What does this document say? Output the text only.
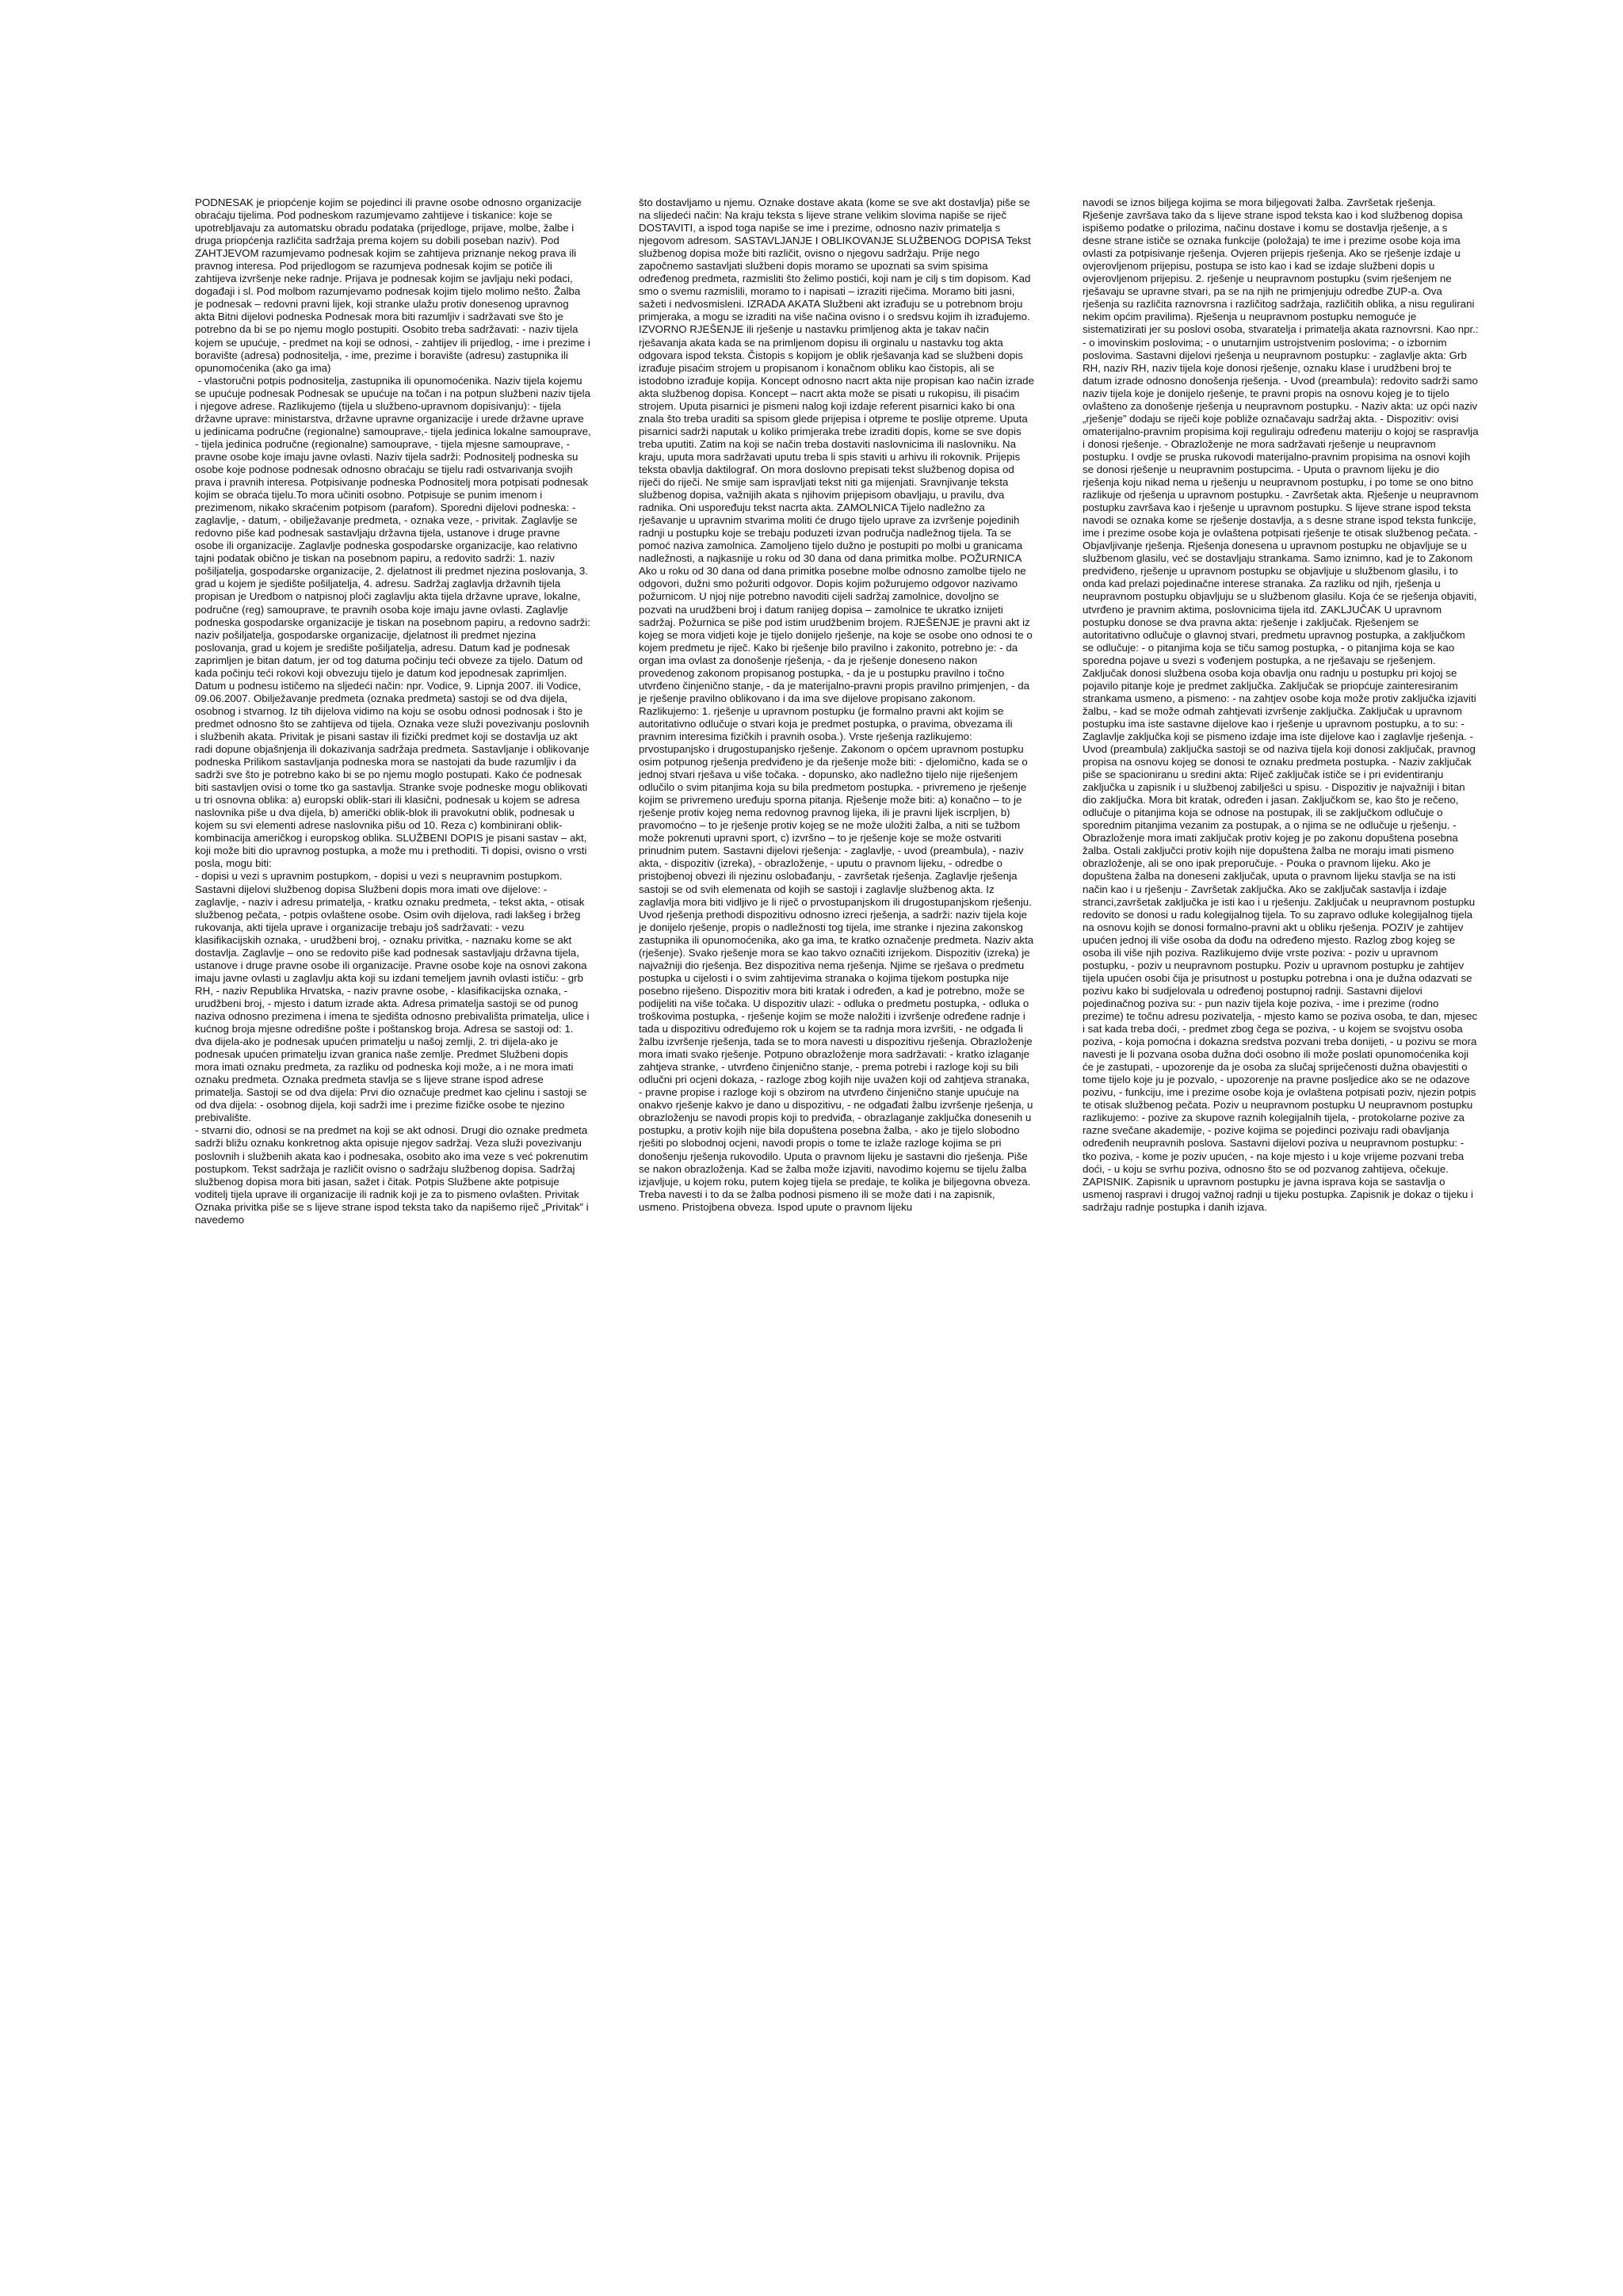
PODNESAK je priopćenje kojim se pojedinci ili pravne osobe odnosno organizacije obraćaju tijelima. Pod podneskom razumjevamo zahtijeve i tiskanice: koje se upotrebljavaju za automatsku obradu podataka (prijedloge, prijave, molbe, žalbe i druga priopćenja različita sadržaja prema kojem su dobili poseban naziv). Pod ZAHTJEVOM razumjevamo podnesak kojim se zahtijeva priznanje nekog prava ili pravnog interesa. Pod prijedlogom se razumjeva podnesak kojim se potiče ili zahtijeva izvršenje neke radnje. Prijava je podnesak kojim se javljaju neki podaci, događaji i sl. Pod molbom razumjevamo podnesak kojim tijelo molimo nešto. Žalba je podnesak – redovni pravni lijek, koji stranke ulažu protiv donesenog upravnog akta Bitni dijelovi podneska Podnesak mora biti razumljiv i sadržavati sve što je potrebno da bi se po njemu moglo postupiti. Osobito treba sadržavati: - naziv tijela kojem se upućuje, - predmet na koji se odnosi, - zahtijev ili prijedlog, - ime i prezime i boravište (adresa) podnositelja, - ime, prezime i boravište (adresu) zastupnika ili opunomoćenika (ako ga ima)
- vlastoručni potpis podnositelja, zastupnika ili opunomoćenika. Naziv tijela kojemu se upućuje podnesak Podnesak se upućuje na točan i na potpun službeni naziv tijela i njegove adrese. Razlikujemo (tijela u službeno-upravnom dopisivanju): - tijela državne uprave: ministarstva, državne upravne organizacije i urede državne uprave u jedinicama područne (regionalne) samouprave,- tijela jedinica lokalne samouprave, - tijela jedinica područne (regionalne) samouprave, - tijela mjesne samouprave, - pravne osobe koje imaju javne ovlasti. Naziv tijela sadrži: Podnositelj podneska su osobe koje podnose podnesak odnosno obraćaju se tijelu radi ostvarivanja svojih prava i pravnih interesa. Potpisivanje podneska Podnositelj mora potpisati podnesak kojim se obraća tijelu.To mora učiniti osobno. Potpisuje se punim imenom i prezimenom, nikako skraćenim potpisom (parafom). Sporedni dijelovi podneska: - zaglavlje, - datum, - obilježavanje predmeta, - oznaka veze, - privitak. Zaglavlje se redovno piše kad podnesak sastavljaju državna tijela, ustanove i druge pravne osobe ili organizacije. Zaglavlje podneska gospodarske organizacije, kao relativno tajni podatak obično je tiskan na posebnom papiru, a redovito sadrži: 1. naziv pošiljatelja, gospodarske organizacije, 2. djelatnost ili predmet njezina poslovanja, 3. grad u kojem je sjedište pošiljatelja, 4. adresu. Sadržaj zaglavlja državnih tijela propisan je Uredbom o natpisnoj ploči zaglavlju akta tijela državne uprave, lokalne, područne (reg) samouprave, te pravnih osoba koje imaju javne ovlasti. Zaglavlje podneska gospodarske organizacije je tiskan na posebnom papiru, a redovno sadrži: naziv pošiljatelja, gospodarske organizacije, djelatnost ili predmet njezina poslovanja, grad u kojem je središte pošiljatelja, adresu. Datum kad je podnesak zaprimljen je bitan datum, jer od tog datuma počinju teći obveze za tijelo. Datum od kada počinju teći rokovi koji obvezuju tijelo je datum kod jepodnesak zaprimljen. Datum u podnesu ističemo na sljedeći način: npr. Vodice, 9. Lipnja 2007. ili Vodice, 09.06.2007. Obilježavanje predmeta (oznaka predmeta) sastoji se od dva dijela, osobnog i stvarnog. Iz tih dijelova vidimo na koju se osobu odnosi podnosak i što je predmet odnosno što se zahtijeva od tijela. Oznaka veze služi povezivanju poslovnih i službenih akata. Privitak je pisani sastav ili fizički predmet koji se dostavlja uz akt radi dopune objašnjenja ili dokazivanja sadržaja predmeta. Sastavljanje i oblikovanje podneska Prilikom sastavljanja podneska mora se nastojati da bude razumljiv i da sadrži sve što je potrebno kako bi se po njemu moglo postupati. Kako će podnesak biti sastavljen ovisi o tome tko ga sastavlja. Stranke svoje podneske mogu oblikovati u tri osnovna oblika: a) europski oblik-stari ili klasični, podnesak u kojem se adresa naslovnika piše u dva dijela, b) američki oblik-blok ili pravokutni oblik, podnesak u kojem su svi elementi adrese naslovnika pišu od 10. Reza c) kombinirani oblik-kombinacija američkog i europskog oblika. SLUŽBENI DOPIS je pisani sastav – akt, koji može biti dio upravnog postupka, a može mu i prethoditi. Ti dopisi, ovisno o vrsti posla, mogu biti:
- dopisi u vezi s upravnim postupkom, - dopisi u vezi s neupravnim postupkom. Sastavni dijelovi službenog dopisa Službeni dopis mora imati ove dijelove: - zaglavlje, - naziv i adresu primatelja, - kratku oznaku predmeta, - tekst akta, - otisak službenog pečata, - potpis ovlaštene osobe. Osim ovih dijelova, radi lakšeg i bržeg rukovanja, akti tijela uprave i organizacije trebaju još sadržavati: - vezu klasifikacijskih oznaka, - urudžbeni broj, - oznaku privitka, - naznaku kome se akt dostavlja. Zaglavlje – ono se redovito piše kad podnesak sastavljaju državna tijela, ustanove i druge pravne osobe ili organizacije. Pravne osobe koje na osnovi zakona imaju javne ovlasti u zaglavlju akta koji su izdani temeljem javnih ovlasti ističu: - grb RH, - naziv Republika Hrvatska, - naziv pravne osobe, - klasifikacijska oznaka, - urudžbeni broj, - mjesto i datum izrade akta. Adresa primatelja sastoji se od punog naziva odnosno prezimena i imena te sjedišta odnosno prebivališta primatelja, ulice i kućnog broja mjesne odredišne pošte i poštanskog broja. Adresa se sastoji od: 1. dva dijela-ako je podnesak upućen primatelju u našoj zemlji, 2. tri dijela-ako je podnesak upućen primatelju izvan granica naše zemlje. Predmet Službeni dopis mora imati oznaku predmeta, za razliku od podneska koji može, a i ne mora imati oznaku predmeta. Oznaka predmeta stavlja se s lijeve strane ispod adrese primatelja. Sastoji se od dva dijela: Prvi dio označuje predmet kao cjelinu i sastoji se od dva dijela: - osobnog dijela, koji sadrži ime i prezime fizičke osobe te njezino prebivalište.
- stvarni dio, odnosi se na predmet na koji se akt odnosi. Drugi dio oznake predmeta sadrži bližu oznaku konkretnog akta opisuje njegov sadržaj. Veza služi povezivanju poslovnih i službenih akata kao i podnesaka, osobito ako ima veze s već pokrenutim postupkom. Tekst sadržaja je različit ovisno o sadržaju službenog dopisa. Sadržaj službenog dopisa mora biti jasan, sažet i čitak. Potpis Službene akte potpisuje voditelj tijela uprave ili organizacije ili radnik koji je za to pismeno ovlašten. Privitak Oznaka privitka piše se s lijeve strane ispod teksta tako da napišemo riječ „Privitak” i navedemo

što dostavljamo u njemu. Oznake dostave akata (kome se sve akt dostavlja) piše se na slijedeći način: Na kraju teksta s lijeve strane velikim slovima napiše se riječ DOSTAVITI, a ispod toga napiše se ime i prezime, odnosno naziv primatelja s njegovom adresom. SASTAVLJANJE I OBLIKOVANJE SLUŽBENOG DOPISA Tekst službenog dopisa može biti različit, ovisno o njegovu sadržaju. Prije nego započnemo sastavljati službeni dopis moramo se upoznati sa svim spisima određenog predmeta, razmisliti što želimo postići, koji nam je cilj s tim dopisom. Kad smo o svemu razmislili, moramo to i napisati – izraziti riječima. Moramo biti jasni, sažeti i nedvosmisleni. IZRADA AKATA Službeni akt izrađuju se u potrebnom broju primjeraka, a mogu se izraditi na više načina ovisno i o sredsvu kojim ih izrađujemo. IZVORNO RJEŠENJE ili rješenje u nastavku primljenog akta je takav način rješavanja akata kada se na primljenom dopisu ili orginalu u nastavku tog akta odgovara ispod teksta. Čistopis s kopijom je oblik rješavanja kad se službeni dopis izrađuje pisaćim strojem u propisanom i konačnom obliku kao čistopis, ali se istodobno izrađuje kopija. Koncept odnosno nacrt akta nije propisan kao način izrade akta službenog dopisa. Koncept – nacrt akta može se pisati u rukopisu, ili pisaćim strojem. Uputa pisarnici je pismeni nalog koji izdaje referent pisarnici kako bi ona znala što treba uraditi sa spisom glede prijepisa i otpreme te poslije otpreme. Uputa pisarnici sadrži naputak u koliko primjeraka trebe izraditi dopis, kome se sve dopis treba uputiti. Zatim na koji se način treba dostaviti naslovnicima ili naslovniku. Na kraju, uputa mora sadržavati uputu treba li spis staviti u arhivu ili rokovnik. Prijepis teksta obavlja daktilograf. On mora doslovno prepisati tekst službenog dopisa od riječi do riječi. Ne smije sam ispravljati tekst niti ga mijenjati. Sravnjivanje teksta službenog dopisa, važnijih akata s njihovim prijepisom obavljaju, u pravilu, dva radnika. Oni uspoređuju tekst nacrta akta. ZAMOLNICA Tijelo nadležno za rješavanje u upravnim stvarima moliti će drugo tijelo uprave za izvršenje pojedinih radnji u postupku koje se trebaju poduzeti izvan područja nadležnog tijela. Ta se pomoć naziva zamolnica. Zamoljeno tijelo dužno je postupiti po molbi u granicama nadležnosti, a najkasnije u roku od 30 dana od dana primitka molbe. POŽURNICA Ako u roku od 30 dana od dana primitka posebne molbe odnosno zamolbe tijelo ne odgovori, dužni smo požuriti odgovor. Dopis kojim požurujemo odgovor nazivamo požurnicom. U njoj nije potrebno navoditi cijeli sadržaj zamolnice, dovoljno se pozvati na urudžbeni broj i datum ranijeg dopisa – zamolnice te ukratko iznijeti sadržaj. Požurnica se piše pod istim urudžbenim brojem. RJEŠENJE je pravni akt iz kojeg se mora vidjeti koje je tijelo donijelo rješenje, na koje se osobe ono odnosi te o kojem predmetu je riječ. Kako bi rješenje bilo pravilno i zakonito, potrebno je: - da organ ima ovlast za donošenje rješenja, - da je rješenje doneseno nakon provedenog zakonom propisanog postupka, - da je u postupku pravilno i točno utvrđeno činjenično stanje, - da je materijalno-pravni propis pravilno primjenjen, - da je rješenje pravilno oblikovano i da ima sve dijelove propisano zakonom. Razlikujemo: 1. rješenje u upravnom postupku (je formalno pravni akt kojim se autoritativno odlučuje o stvari koja je predmet postupka, o pravima, obvezama ili pravnim interesima fizičkih i pravnih osoba.). Vrste rješenja razlikujemo: prvostupanjsko i drugostupanjsko rješenje. Zakonom o općem upravnom postupku osim potpunog rješenja predviđeno je da rješenje može biti: - djelomično, kada se o jednoj stvari rješava u više točaka. - dopunsko, ako nadležno tijelo nije riješenjem odlučilo o svim pitanjima koja su bila predmetom postupka. - privremeno je rješenje kojim se privremeno uređuju sporna pitanja. Rješenje može biti: a) konačno – to je rješenje protiv kojeg nema redovnog pravnog lijeka, ili je pravni lijek iscrpljen, b) pravomoćno – to je rješenje protiv kojeg se ne može uložiti žalba, a niti se tužbom može pokrenuti upravni sport, c) izvršno – to je rješenje koje se može ostvariti prinudnim putem. Sastavni dijelovi rješenja: - zaglavlje, - uvod (preambula), - naziv akta, - dispozitiv (izreka), - obrazloženje, - uputu o pravnom lijeku, - odredbe o pristojbenoj obvezi ili njezinu oslobađanju, - završetak rješenja. Zaglavlje rješenja sastoji se od svih elemenata od kojih se sastoji i zaglavlje službenog akta. Iz zaglavlja mora biti vidljivo je li riječ o prvostupanjskom ili drugostupanjskom rješenju. Uvod rješenja prethodi dispozitivu odnosno izreci rješenja, a sadrži: naziv tijela koje je donijelo rješenje, propis o nadležnosti tog tijela, ime stranke i njezina zakonskog zastupnika ili opunomoćenika, ako ga ima, te kratko označenje predmeta. Naziv akta (rješenje). Svako rješenje mora se kao takvo označiti izrijekom. Dispozitiv (izreka) je najvažniji dio rješenja. Bez dispozitiva nema rješenja. Njime se rješava o predmetu postupka u cijelosti i o svim zahtijevima stranaka o kojima tijekom postupka nije posebno riješeno. Dispozitiv mora biti kratak i određen, a kad je potrebno, može se podijeliti na više točaka. U dispozitiv ulazi: - odluka o predmetu postupka, - odluka o troškovima postupka, - rješenje kojim se može naložiti i izvršenje određene radnje i tada u dispozitivu određujemo rok u kojem se ta radnja mora izvršiti, - ne odgađa li žalbu izvršenje rješenja, tada se to mora navesti u dispozitivu rješenja. Obrazloženje mora imati svako rješenje. Potpuno obrazloženje mora sadržavati: - kratko izlaganje zahtjeva stranke, - utvrđeno činjenično stanje, - prema potrebi i razloge koji su bili odlučni pri ocjeni dokaza, - razloge zbog kojih nije uvažen koji od zahtjeva stranaka, - pravne propise i razloge koji s obzirom na utvrđeno činjenično stanje upućuje na onakvo rješenje kakvo je dano u dispozitivu, - ne odgađati žalbu izvršenje rješenja, u obrazloženju se navodi propis koji to predviđa, - obrazlaganje zaključka donesenih u postupku, a protiv kojih nije bila dopuštena posebna žalba, - ako je tijelo slobodno rješiti po slobodnoj ocjeni, navodi propis o tome te izlaže razloge kojima se pri donošenju rješenja rukovodilo. Uputa o pravnom lijeku je sastavni dio rješenja. Piše se nakon obrazloženja. Kad se žalba može izjaviti, navodimo kojemu se tijelu žalba izjavljuje, u kojem roku, putem kojeg tijela se predaje, te kolika je biljegovna obveza. Treba navesti i to da se žalba podnosi pismeno ili se može dati i na zapisnik, usmeno. Pristojbena obveza. Ispod upute o pravnom lijeku

navodi se iznos biljega kojima se mora biljegovati žalba. Završetak rješenja. Rješenje završava tako da s lijeve strane ispod teksta kao i kod službenog dopisa ispišemo podatke o prilozima, načinu dostave i komu se dostavlja rješenje, a s desne strane ističe se oznaka funkcije (položaja) te ime i prezime osobe koja ima ovlasti za potpisivanje rješenja. Ovjeren prijepis rješenja. Ako se rješenje izdaje u ovjerovljenom prijepisu, postupa se isto kao i kad se izdaje službeni dopis u ovjerovljenom prijepisu. 2. rješenje u neupravnom postupku (svim rješenjem ne rješavaju se upravne stvari, pa se na njih ne primjenjuju odredbe ZUP-a. Ova rješenja su različita raznovrsna i različitog sadržaja, različitih oblika, a nisu regulirani nekim općim pravilima). Rješenja u neupravnom postupku nemoguće je sistematizirati jer su poslovi osoba, stvaratelja i primatelja akata raznovrsni. Kao npr.: - o imovinskim poslovima; - o unutarnjim ustrojstvenim poslovima; - o izbornim poslovima. Sastavni dijelovi rješenja u neupravnom postupku: - zaglavlje akta: Grb RH, naziv RH, naziv tijela koje donosi rješenje, oznaku klase i urudžbeni broj te datum izrade odnosno donošenja rješenja. - Uvod (preambula): redovito sadrži samo naziv tijela koje je donijelo rješenje, te pravni propis na osnovu kojeg je to tijelo ovlašteno za donošenje rješenja u neupravnom postupku. - Naziv akta: uz opći naziv „rješenje” dodaju se riječi koje pobliže označavaju sadržaj akta. - Dispozitiv: ovisi omaterijalno-pravnim propisima koji reguliraju određenu materiju o kojoj se raspravlja i donosi rješenje. - Obrazloženje ne mora sadržavati rješenje u neupravnom postupku. I ovdje se pruska rukovodi materijalno-pravnim propisima na osnovi kojih se donosi rješenje u neupravnim postupcima. - Uputa o pravnom lijeku je dio rješenja koju nikad nema u rješenju u neupravnom postupku, i po tome se ono bitno razlikuje od rješenja u upravnom postupku. - Završetak akta. Rješenje u neupravnom postupku završava kao i rješenje u upravnom postupku. S lijeve strane ispod teksta navodi se oznaka kome se rješenje dostavlja, a s desne strane ispod teksta funkcije, ime i prezime osobe koja je ovlaštena potpisati rješenje te otisak službenog pečata. - Objavljivanje rješenja. Rješenja donesena u upravnom postupku ne objavljuje se u službenom glasilu, već se dostavljaju strankama. Samo iznimno, kad je to Zakonom predviđeno, rješenje u upravnom postupku se objavljuje u službenom glasilu, i to onda kad prelazi pojedinačne interese stranaka. Za razliku od njih, rješenja u neupravnom postupku objavljuju se u službenom glasilu. Koja će se rješenja objaviti, utvrđeno je pravnim aktima, poslovnicima tijela itd. ZAKLJUČAK U upravnom postupku donose se dva pravna akta: rješenje i zaključak. Rješenjem se autoritativno odlučuje o glavnoj stvari, predmetu upravnog postupka, a zaključkom se odlučuje: - o pitanjima koja se tiču samog postupka, - o pitanjima koja se kao sporedna pojave u svezi s vođenjem postupka, a ne rješavaju se rješenjem. Zaključak donosi službena osoba koja obavlja onu radnju u postupku pri kojoj se pojavilo pitanje koje je predmet zaključka. Zaključak se priopćuje zainteresiranim strankama usmeno, a pismeno: - na zahtjev osobe koja može protiv zaključka izjaviti žalbu, - kad se može odmah zahtjevati izvršenje zaključka. Zaključak u upravnom postupku ima iste sastavne dijelove kao i rješenje u upravnom postupku, a to su: - Zaglavlje zaključka koji se pismeno izdaje ima iste dijelove kao i zaglavlje rješenja. - Uvod (preambula) zaključka sastoji se od naziva tijela koji donosi zaključak, pravnog propisa na osnovu kojeg se donosi te oznaku predmeta postupka. - Naziv zaključak piše se spacioniranu u sredini akta: Riječ zaključak ističe se i pri evidentiranju zaključka u zapisnik i u službenoj zabilješci u spisu. - Dispozitiv je najvažniji i bitan dio zaključka. Mora bit kratak, određen i jasan. Zaključkom se, kao što je rečeno, odlučuje o pitanjima koja se odnose na postupak, ili se zaključkom odlučuje o sporednim pitanjima vezanim za postupak, a o njima se ne odlučuje u rješenju. - Obrazloženje mora imati zaključak protiv kojeg je po zakonu dopuštena posebna žalba. Ostali zaključci protiv kojih nije dopuštena žalba ne moraju imati pismeno obrazloženje, ali se ono ipak preporučuje. - Pouka o pravnom lijeku. Ako je dopuštena žalba na doneseni zaključak, uputa o pravnom lijeku stavlja se na isti način kao i u rješenju - Završetak zaključka. Ako se zaključak sastavlja i izdaje stranci,završetak zaključka je isti kao i u rješenju. Zaključak u neupravnom postupku redovito se donosi u radu kolegijalnog tijela. To su zapravo odluke kolegijalnog tijela na osnovu kojih se donosi formalno-pravni akt u obliku rješenja. POZIV je zahtijev upućen jednoj ili više osoba da dođu na određeno mjesto. Razlog zbog kojeg se osoba ili više njih poziva. Razlikujemo dvije vrste poziva: - poziv u upravnom postupku, - poziv u neupravnom postupku. Poziv u upravnom postupku je zahtijev tijela upućen osobi čija je prisutnost u postupku potrebna i ona je dužna odazvati se pozivu kako bi sudjelovala u određenoj postupnoj radnji. Sastavni dijelovi pojedinačnog poziva su: - pun naziv tijela koje poziva, - ime i prezime (rodno prezime) te točnu adresu pozivatelja, - mjesto kamo se poziva osoba, te dan, mjesec i sat kada treba doći, - predmet zbog čega se poziva, - u kojem se svojstvu osoba poziva, - koja pomoćna i dokazna sredstva pozvani treba donijeti, - u pozivu se mora navesti je li pozvana osoba dužna doći osobno ili može poslati opunomoćenika koji će je zastupati, - upozorenje da je osoba za slučaj spriječenosti dužna obavjestiti o tome tijelo koje ju je pozvalo, - upozorenje na pravne posljedice ako se ne odazove pozivu, - funkciju, ime i prezime osobe koja je ovlaštena potpisati poziv, njezin potpis te otisak službenog pečata. Poziv u neupravnom postupku U neupravnom postupku razlikujemo: - pozive za skupove raznih kolegijalnih tijela, - protokolarne pozive za razne svečane akademije, - pozive kojima se pojedinci pozivaju radi obavljanja određenih neupravnih poslova. Sastavni dijelovi poziva u neupravnom postupku: - tko poziva, - kome je poziv upućen, - na koje mjesto i u koje vrijeme pozvani treba doći, - u koju se svrhu poziva, odnosno što se od pozvanog zahtijeva, očekuje. ZAPISNIK. Zapisnik u upravnom postupku je javna isprava koja se sastavlja o usmenoj raspravi i drugoj važnoj radnji u tijeku postupka. Zapisnik je dokaz o tijeku i sadržaju radnje postupka i danih izjava.
